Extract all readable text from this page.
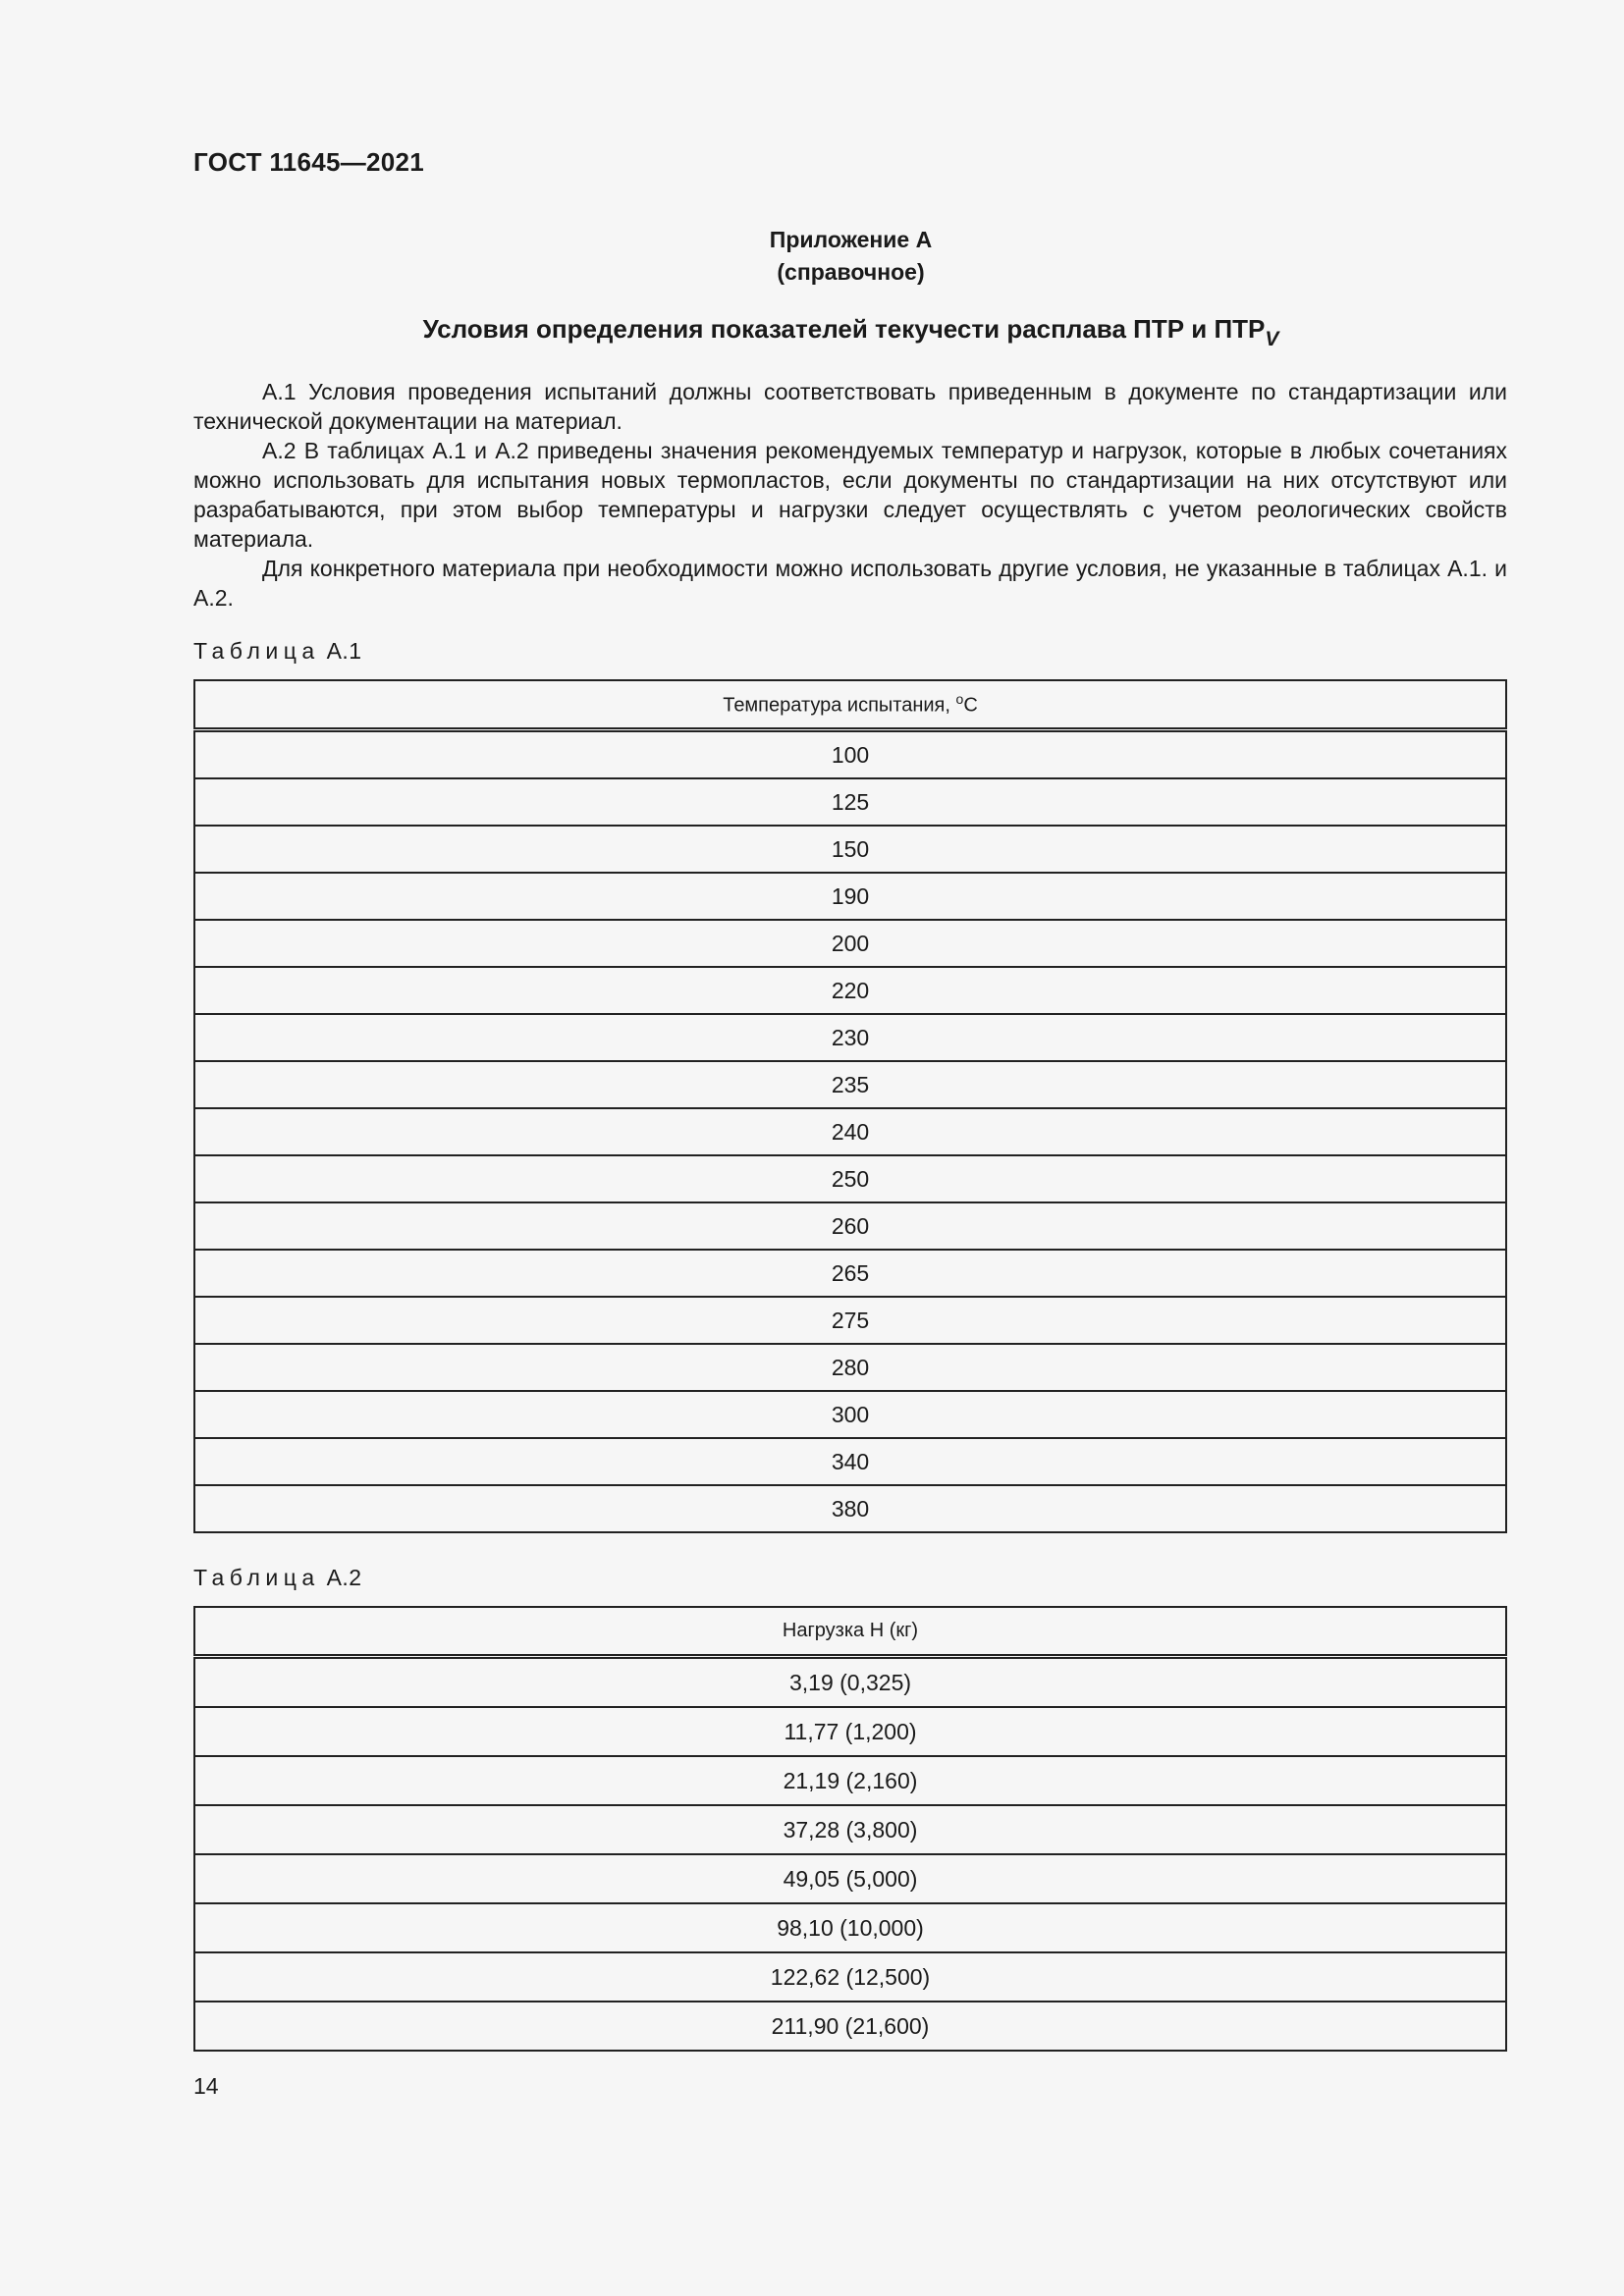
ГОСТ 11645—2021
Приложение А
(справочное)
Условия определения показателей текучести расплава ПТР и $ПТР_V$

А.1 Условия проведения испытаний должны соответствовать приведенным в документе по стандартизации или технической документации на материал.

А.2 В таблицах А.1 и А.2 приведены значения рекомендуемых температур и нагрузок, которые в любых сочетаниях можно использовать для испытания новых термопластов, если документы по стандартизации на них отсутствуют или разрабатываются, при этом выбор температуры и нагрузки следует осуществлять с учетом реологических свойств материала.

Для конкретного материала при необходимости можно использовать другие условия, не указанные в таблицах А.1. и А.2.

Таблица А.1
Температура испытания, $^о$С
100
125
150
190
200
220
230
235
240
250
260
265
275
280
300
340
380
Таблица А.2
Нагрузка Н (кг)
3,19 (0,325)
11,77 (1,200)
21,19 (2,160)
37,28 (3,800)
49,05 (5,000)
98,10 (10,000)
122,62 (12,500)
211,90 (21,600)
14
